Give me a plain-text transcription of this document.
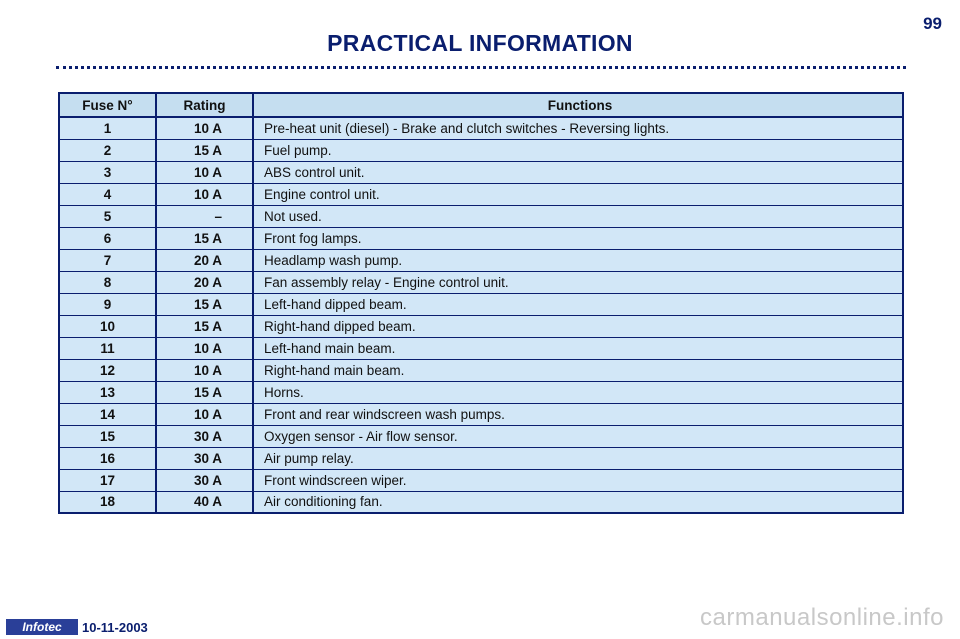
99
PRACTICAL INFORMATION
Fuse N°	Rating	Functions
1	10 A	Pre-heat unit (diesel) - Brake and clutch switches - Reversing lights.
2	15 A	Fuel pump.
3	10 A	ABS control unit.
4	10 A	Engine control unit.
5	–	Not used.
6	15 A	Front fog lamps.
7	20 A	Headlamp wash pump.
8	20 A	Fan assembly relay - Engine control unit.
9	15 A	Left-hand dipped beam.
10	15 A	Right-hand dipped beam.
11	10 A	Left-hand main beam.
12	10 A	Right-hand main beam.
13	15 A	Horns.
14	10 A	Front and rear windscreen wash pumps.
15	30 A	Oxygen sensor - Air flow sensor.
16	30 A	Air pump relay.
17	30 A	Front windscreen wiper.
18	40 A	Air conditioning fan.
Infotec	10-11-2003	carmanualsonline.info
